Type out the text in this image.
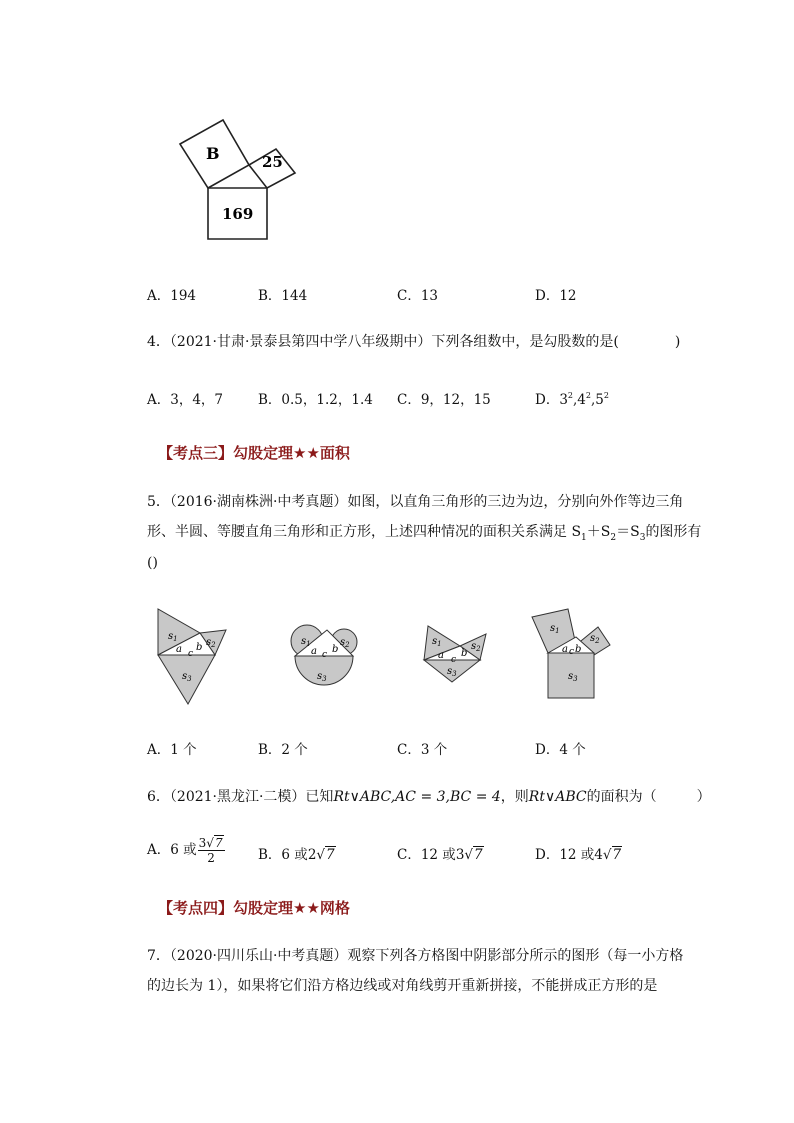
B	25
169
A．194	B．144	C．13	D．12
4．（2021·甘肃·景泰县第四中学八年级期中）下列各组数中，是勾股数的是(	)
A．3，4，7	B．0.5，1.2，1.4 C．9，12，15	D．$3^2,4^2,5^2$
【考点三】勾股定理★★面积
5．（2016·湖南株洲·中考真题）如图，以直角三角形的三边为边，分别向外作等边三角
形、半圆、等腰直角三角形和正方形，上述四种情况的面积关系满足 $S_1+S_2=S_3$的图形有
()
$s_1$	$s_2$
$s_3$
a c
b
$s_1$	$s_2$
$s_3$
a c b
$s_1$	$s_2$
$s_3$
a c
b
$s_1$
$s_2$
$s_3$
a c b
A．1 个	B．2 个	C．3 个	D．4 个
6．（2021·黑龙江·二模）已知Rt∨ABC,AC = 3,BC = 4，则Rt∨ABC的面积为（	）
A．6 或 $\frac{3√7}{2}$ B．6 或2√7	C．12 或3√7	D．12 或4√7
【考点四】勾股定理★★网格
7．（2020·四川乐山·中考真题）观察下列各方格图中阴影部分所示的图形（每一小方格
的边长为 1），如果将它们沿方格边线或对角线剪开重新拼接，不能拼成正方形的是
